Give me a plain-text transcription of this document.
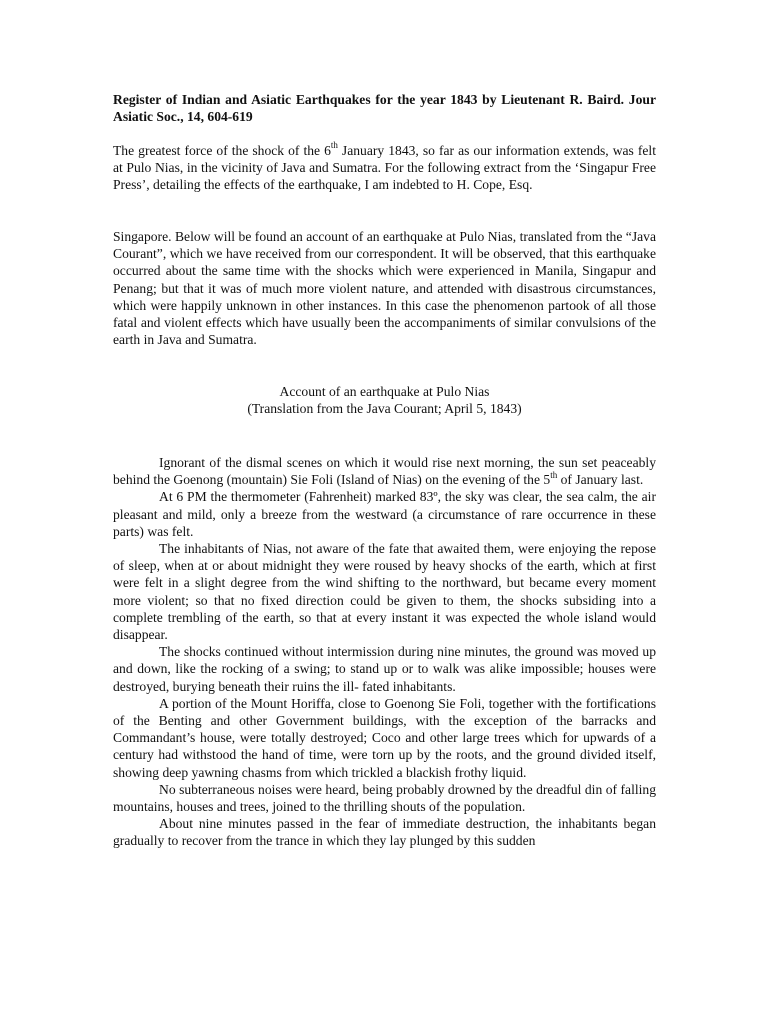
Register of Indian and Asiatic Earthquakes for the year 1843 by Lieutenant R. Baird. Jour Asiatic Soc., 14, 604-619

The greatest force of the shock of the 6th January 1843, so far as our information extends, was felt at Pulo Nias, in the vicinity of Java and Sumatra. For the following extract from the ‘Singapur Free Press’, detailing the effects of the earthquake, I am indebted to H. Cope, Esq.

Singapore. Below will be found an account of an earthquake at Pulo Nias, translated from the “Java Courant”, which we have received from our correspondent. It will be observed, that this earthquake occurred about the same time with the shocks which were experienced in Manila, Singapur and Penang; but that it was of much more violent nature, and attended with disastrous circumstances, which were happily unknown in other instances. In this case the phenomenon partook of all those fatal and violent effects which have usually been the accompaniments of similar convulsions of the earth in Java and Sumatra.

Account of an earthquake at Pulo Nias
(Translation from the Java Courant; April 5, 1843)

Ignorant of the dismal scenes on which it would rise next morning, the sun set peaceably behind the Goenong (mountain) Sie Foli (Island of Nias) on the evening of the 5th of January last.

At 6 PM the thermometer (Fahrenheit) marked 83º, the sky was clear, the sea calm, the air pleasant and mild, only a breeze from the westward (a circumstance of rare occurrence in these parts) was felt.

The inhabitants of Nias, not aware of the fate that awaited them, were enjoying the repose of sleep, when at or about midnight they were roused by heavy shocks of the earth, which at first were felt in a slight degree from the wind shifting to the northward, but became every moment more violent; so that no fixed direction could be given to them, the shocks subsiding into a complete trembling of the earth, so that at every instant it was expected the whole island would disappear.

The shocks continued without intermission during nine minutes, the ground was moved up and down, like the rocking of a swing; to stand up or to walk was alike impossible; houses were destroyed, burying beneath their ruins the ill- fated inhabitants.

A portion of the Mount Horiffa, close to Goenong Sie Foli, together with the fortifications of the Benting and other Government buildings, with the exception of the barracks and Commandant’s house, were totally destroyed; Coco and other large trees which for upwards of a century had withstood the hand of time, were torn up by the roots, and the ground divided itself, showing deep yawning chasms from which trickled a blackish frothy liquid.

No subterraneous noises were heard, being probably drowned by the dreadful din of falling mountains, houses and trees, joined to the thrilling shouts of the population.

About nine minutes passed in the fear of immediate destruction, the inhabitants began gradually to recover from the trance in which they lay plunged by this sudden
